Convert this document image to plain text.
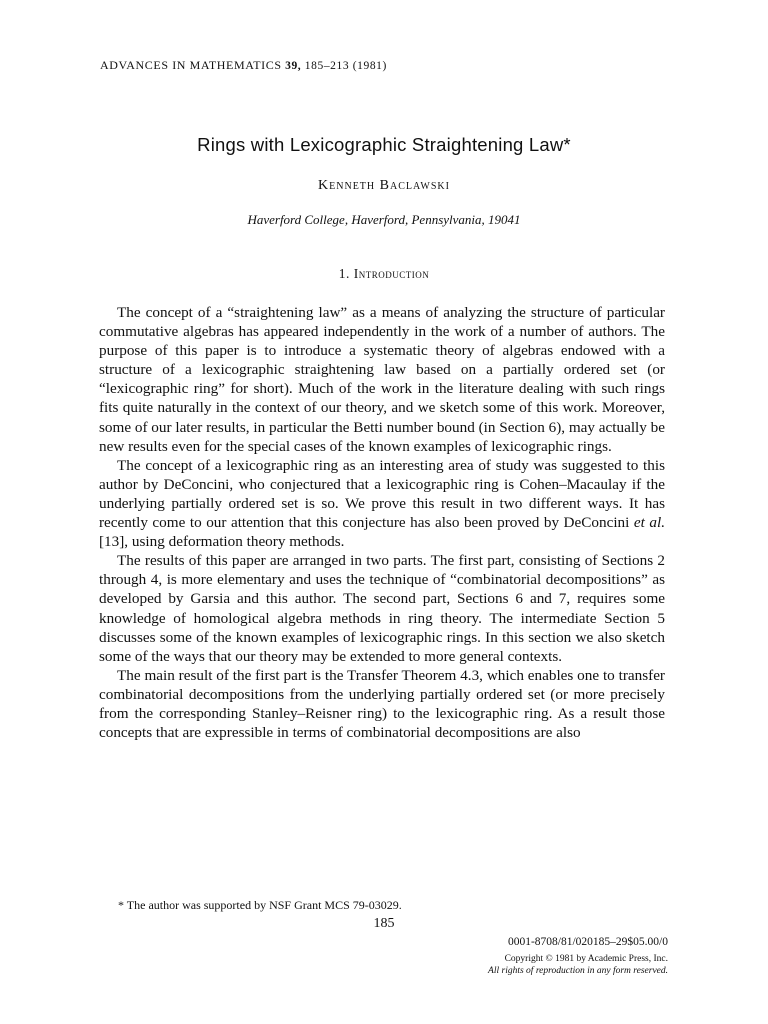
ADVANCES IN MATHEMATICS 39, 185–213 (1981)
Rings with Lexicographic Straightening Law*
Kenneth Baclawski
Haverford College, Haverford, Pennsylvania, 19041
1. Introduction

The concept of a “straightening law” as a means of analyzing the structure of particular commutative algebras has appeared independently in the work of a number of authors. The purpose of this paper is to introduce a systematic theory of algebras endowed with a structure of a lexicographic straightening law based on a partially ordered set (or “lexicographic ring” for short). Much of the work in the literature dealing with such rings fits quite naturally in the context of our theory, and we sketch some of this work. Moreover, some of our later results, in particular the Betti number bound (in Section 6), may actually be new results even for the special cases of the known examples of lexicographic rings.

The concept of a lexicographic ring as an interesting area of study was suggested to this author by DeConcini, who conjectured that a lexicographic ring is Cohen–Macaulay if the underlying partially ordered set is so. We prove this result in two different ways. It has recently come to our attention that this conjecture has also been proved by DeConcini et al. [13], using deformation theory methods.

The results of this paper are arranged in two parts. The first part, consisting of Sections 2 through 4, is more elementary and uses the technique of “combinatorial decompositions” as developed by Garsia and this author. The second part, Sections 6 and 7, requires some knowledge of homological algebra methods in ring theory. The intermediate Section 5 discusses some of the known examples of lexicographic rings. In this section we also sketch some of the ways that our theory may be extended to more general contexts.

The main result of the first part is the Transfer Theorem 4.3, which enables one to transfer combinatorial decompositions from the underlying partially ordered set (or more precisely from the corresponding Stanley–Reisner ring) to the lexicographic ring. As a result those concepts that are expressible in terms of combinatorial decompositions are also

* The author was supported by NSF Grant MCS 79-03029.
185
0001-8708/81/020185–29$05.00/0
Copyright © 1981 by Academic Press, Inc.
All rights of reproduction in any form reserved.
